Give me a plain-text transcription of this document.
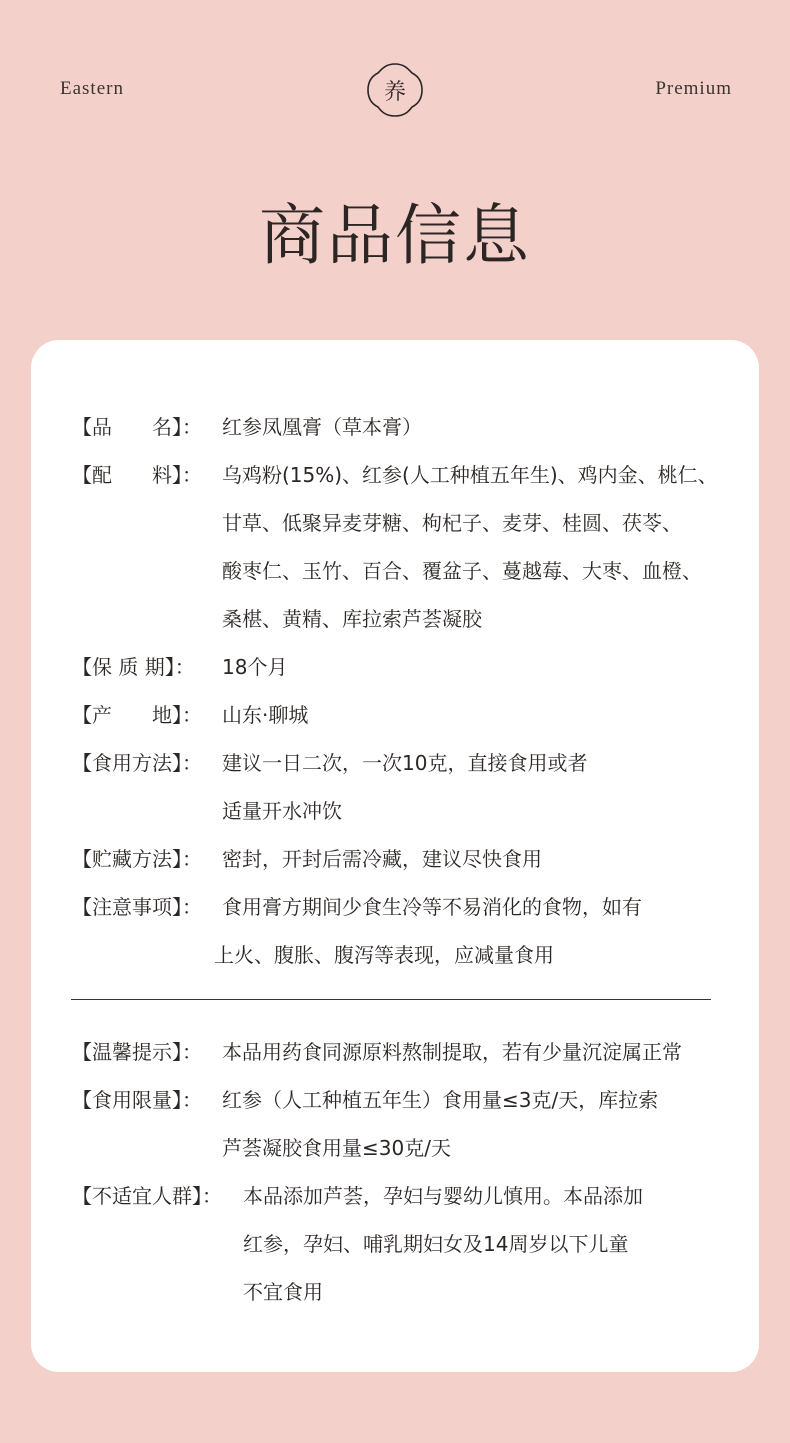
Eastern	养	Premium
商品信息
【品　　名】： 红参凤凰膏（草本膏）
【配　　料】： 乌鸡粉(15%)、红参(人工种植五年生)、鸡内金、桃仁、
甘草、低聚异麦芽糖、枸杞子、麦芽、桂圆、茯苓、
酸枣仁、玉竹、百合、覆盆子、蔓越莓、大枣、血橙、
桑椹、黄精、库拉索芦荟凝胶
【保 质 期】： 18个月
【产　　地】： 山东·聊城
【食用方法】： 建议一日二次，一次10克，直接食用或者
适量开水冲饮
【贮藏方法】： 密封，开封后需冷藏，建议尽快食用
【注意事项】： 食用膏方期间少食生冷等不易消化的食物，如有
上火、腹胀、腹泻等表现，应减量食用
【温馨提示】： 本品用药食同源原料熬制提取，若有少量沉淀属正常
【食用限量】： 红参（人工种植五年生）食用量≤3克/天，库拉索
芦荟凝胶食用量≤30克/天
【不适宜人群】： 本品添加芦荟，孕妇与婴幼儿慎用。本品添加
红参，孕妇、哺乳期妇女及14周岁以下儿童
不宜食用
